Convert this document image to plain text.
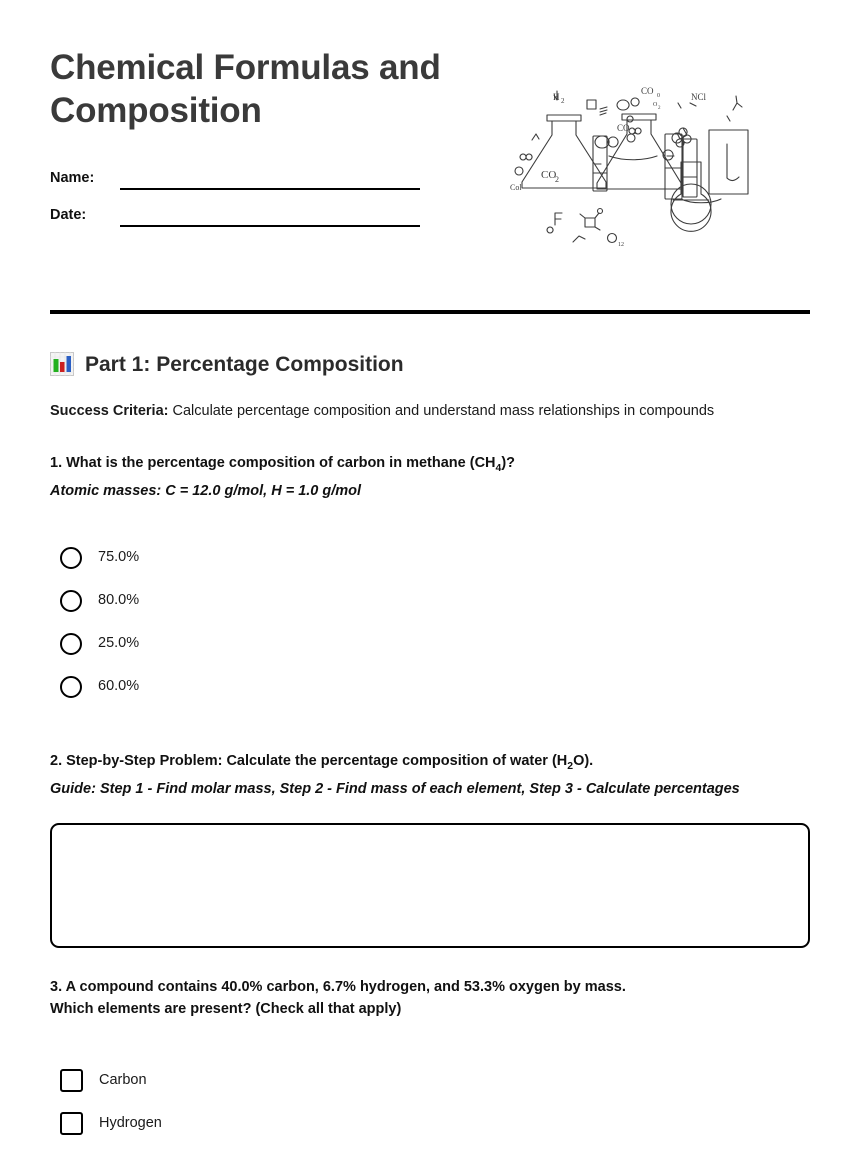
Chemical Formulas and Composition
Name:
Date:
H 2
CO 0
O
2
CO 2
Col
CO
2
NCl
12
Part 1: Percentage Composition
Success Criteria: Calculate percentage composition and understand mass relationships in compounds

1. What is the percentage composition of carbon in methane $(CH_4)$?

Atomic masses: C = 12.0 g/mol, H = 1.0 g/mol

75.0%
80.0%
25.0%
60.0%

2. Step-by-Step Problem: Calculate the percentage composition of water $(H_2O)$.

Guide: Step 1 - Find molar mass, Step 2 - Find mass of each element, Step 3 - Calculate percentages

3. A compound contains 40.0% carbon, 6.7% hydrogen, and 53.3% oxygen by mass.

Which elements are present? (Check all that apply)

Carbon
Hydrogen
